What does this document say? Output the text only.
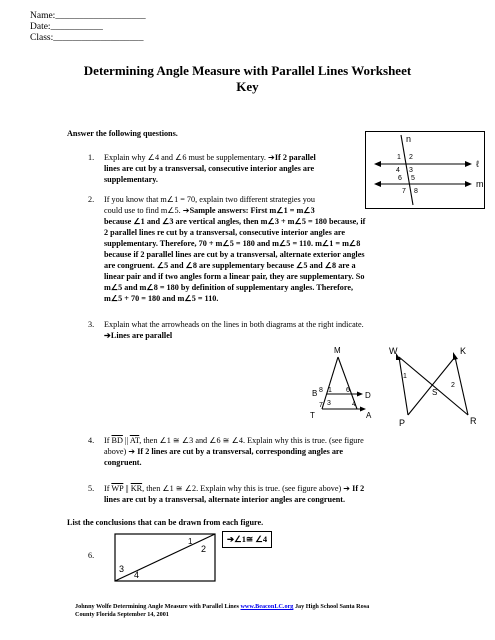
Name:___________________
Date:___________
Class:___________________
Determining Angle Measure with Parallel Lines Worksheet
Key
Answer the following questions.
1. Explain why ∠4 and ∠6 must be supplementary. ➔If 2 parallel
lines are cut by a transversal, consecutive interior angles are
supplementary.
n
ℓ
m
1 2
4 3
6 5
7 8
2. If you know that m∠1 = 70, explain two different strategies you
could use to find m∠5. ➔Sample answers: First m∠1 = m∠3
because ∠1 and ∠3 are vertical angles, then m∠3 + m∠5 = 180 because, if
2 parallel lines re cut by a transversal, consecutive interior angles are
supplementary. Therefore, 70 + m∠5 = 180 and m∠5 = 110. m∠1 = m∠8
because if 2 parallel lines are cut by a transversal, alternate exterior angles
are congruent. ∠5 and ∠8 are supplementary because ∠5 and ∠8 are a
linear pair and if two angles form a linear pair, they are supplementary. So
m∠5 and m∠8 = 180 by definition of supplementary angles. Therefore,
m∠5 + 70 = 180 and m∠5 = 110.
3. Explain what the arrowheads on the lines in both diagrams at the right indicate.
➔Lines are parallel
M
B	D
T	A
8 1 6
3
7	4
W	K
P
S
R
1
2
4. If $\overline{BD}$ || $\overline{AT}$, then ∠1 ≅ ∠3 and ∠6 ≅ ∠4. Explain why this is true. (see figure
above) ➔ If 2 lines are cut by a transversal, corresponding angles are
congruent.
5. If $\overline{WP}$ || $\overline{KR}$, then ∠1 ≅ ∠2. Explain why this is true. (see figure above) ➔ If 2
lines are cut by a transversal, alternate interior angles are congruent.
List the conclusions that can be drawn from each figure.
6.
1
2
3
4
➔∠1≅ ∠4
Johnny Wolfe Determining Angle Measure with Parallel Lines www.BeaconLC.org Jay High School Santa Rosa
County Florida September 14, 2001
